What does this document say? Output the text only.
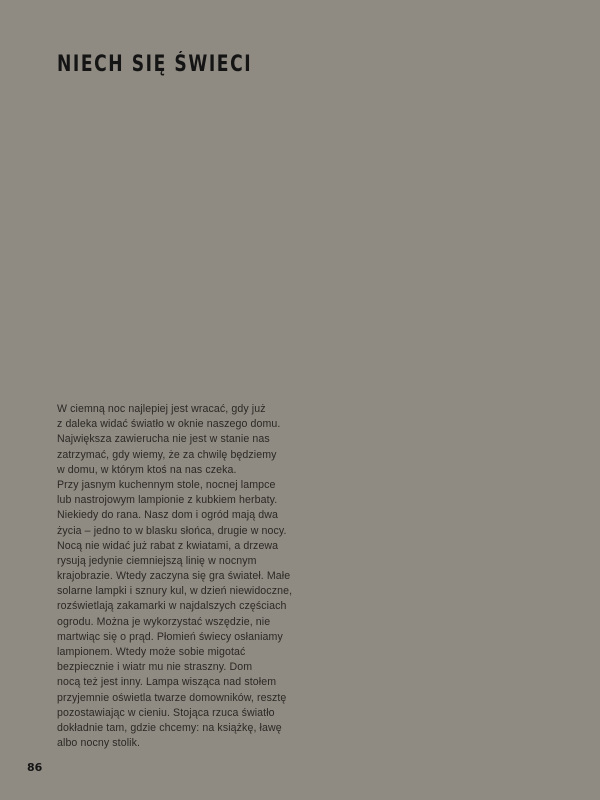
NIECH SIĘ ŚWIECI
W ciemną noc najlepiej jest wracać, gdy już
z daleka widać światło w oknie naszego domu.
Największa zawierucha nie jest w stanie nas
zatrzymać, gdy wiemy, że za chwilę będziemy
w domu, w którym ktoś na nas czeka.
Przy jasnym kuchennym stole, nocnej lampce
lub nastrojowym lampionie z kubkiem herbaty.
Niekiedy do rana. Nasz dom i ogród mają dwa
życia – jedno to w blasku słońca, drugie w nocy.
Nocą nie widać już rabat z kwiatami, a drzewa
rysują jedynie ciemniejszą linię w nocnym
krajobrazie. Wtedy zaczyna się gra świateł. Małe
solarne lampki i sznury kul, w dzień niewidoczne,
rozświetlają zakamarki w najdalszych częściach
ogrodu. Można je wykorzystać wszędzie, nie
martwiąc się o prąd. Płomień świecy osłaniamy
lampionem. Wtedy może sobie migotać
bezpiecznie i wiatr mu nie straszny. Dom
nocą też jest inny. Lampa wisząca nad stołem
przyjemnie oświetla twarze domowników, resztę
pozostawiając w cieniu. Stojąca rzuca światło
dokładnie tam, gdzie chcemy: na książkę, ławę
albo nocny stolik.
86
